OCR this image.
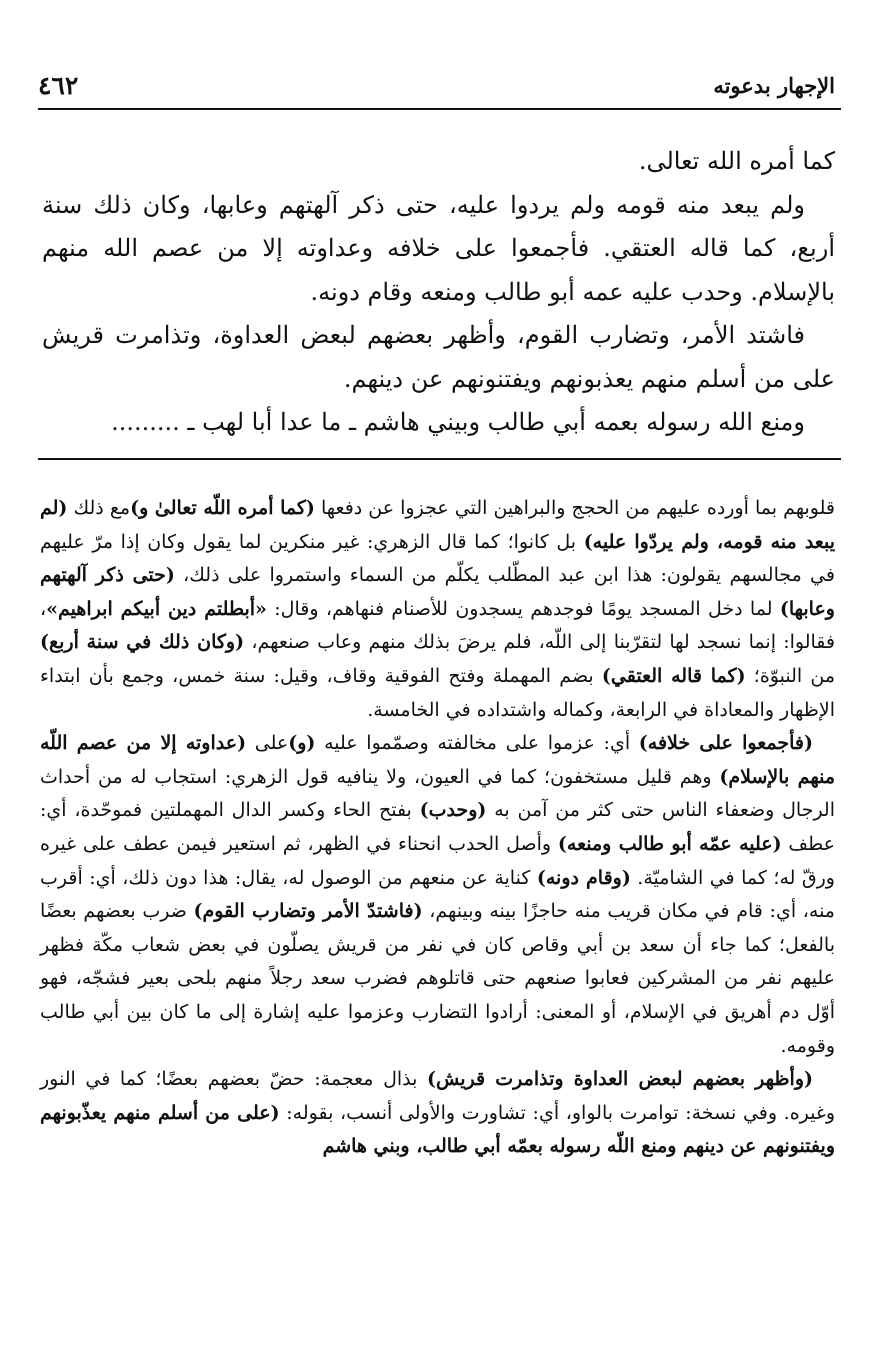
الإجهار بدعوته
٤٦٢

كما أمره الله تعالى.

ولم يبعد منه قومه ولم يردوا عليه، حتى ذكر آلهتهم وعابها، وكان ذلك سنة أربع، كما قاله العتقي. فأجمعوا على خلافه وعداوته إلا من عصم الله منهم بالإسلام. وحدب عليه عمه أبو طالب ومنعه وقام دونه.

فاشتد الأمر، وتضارب القوم، وأظهر بعضهم لبعض العداوة، وتذامرت قريش على من أسلم منهم يعذبونهم ويفتنونهم عن دينهم.

ومنع الله رسوله بعمه أبي طالب وبيني هاشم ـ ما عدا أبا لهب ـ .........

قلوبهم بما أورده عليهم من الحجج والبراهين التي عجزوا عن دفعها (كما أمره اللّه تعالىٰ و)مع ذلك (لم يبعد منه قومه، ولم يردّوا عليه) بل كانوا؛ كما قال الزهري: غير منكرين لما يقول وكان إذا مرّ عليهم في مجالسهم يقولون: هذا ابن عبد المطّلب يكلّم من السماء واستمروا على ذلك، (حتى ذكر آلهتهم وعابها) لما دخل المسجد يومًا فوجدهم يسجدون للأصنام فنهاهم، وقال: «أبطلتم دين أبيكم ابراهيم»، فقالوا: إنما نسجد لها لتقرّبنا إلى اللّه، فلم يرضَ بذلك منهم وعاب صنعهم، (وكان ذلك في سنة أربع) من النبوّة؛ (كما قاله العتقي) بضم المهملة وفتح الفوقية وقاف، وقيل: سنة خمس، وجمع بأن ابتداء الإظهار والمعاداة في الرابعة، وكماله واشتداده في الخامسة.

(فأجمعوا على خلافه) أي: عزموا على مخالفته وصمّموا عليه (و)على (عداوته إلا من عصم اللّه منهم بالإسلام) وهم قليل مستخفون؛ كما في العيون، ولا ينافيه قول الزهري: استجاب له من أحداث الرجال وضعفاء الناس حتى كثر من آمن به (وحدب) بفتح الحاء وكسر الدال المهملتين فموحّدة، أي: عطف (عليه عمّه أبو طالب ومنعه) وأصل الحدب انحناء في الظهر، ثم استعير فيمن عطف على غيره ورقّ له؛ كما في الشاميّة. (وقام دونه) كناية عن منعهم من الوصول له، يقال: هذا دون ذلك، أي: أقرب منه، أي: قام في مكان قريب منه حاجزًا بينه وبينهم، (فاشتدّ الأمر وتضارب القوم) ضرب بعضهم بعضًا بالفعل؛ كما جاء أن سعد بن أبي وقاص كان في نفر من قريش يصلّون في بعض شعاب مكّة فظهر عليهم نفر من المشركين فعابوا صنعهم حتى قاتلوهم فضرب سعد رجلاً منهم بلحى بعير فشجّه، فهو أوّل دم أهريق في الإسلام، أو المعنى: أرادوا التضارب وعزموا عليه إشارة إلى ما كان بين أبي طالب وقومه.

(وأظهر بعضهم لبعض العداوة وتذامرت قريش) بذال معجمة: حضّ بعضهم بعضًا؛ كما في النور وغيره. وفي نسخة: توامرت بالواو، أي: تشاورت والأولى أنسب، بقوله: (على من أسلم منهم يعذّبونهم ويفتنونهم عن دينهم ومنع اللّه رسوله بعمّه أبي طالب، وبني هاشم
